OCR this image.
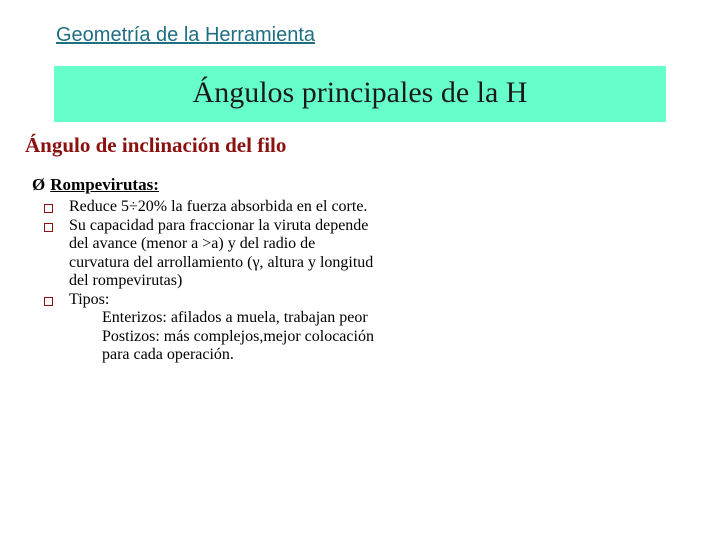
Geometría de la Herramienta
Ángulos principales de la H
Ángulo de inclinación del filo
Ø Rompevirutas:
Reduce 5÷20% la fuerza absorbida en el corte.
Su capacidad para fraccionar la viruta depende
del avance (menor a >a) y del radio de
curvatura del arrollamiento (γ, altura y longitud
del rompevirutas)
Tipos:
Enterizos: afilados a muela, trabajan peor
Postizos: más complejos,mejor colocación
para cada operación.
